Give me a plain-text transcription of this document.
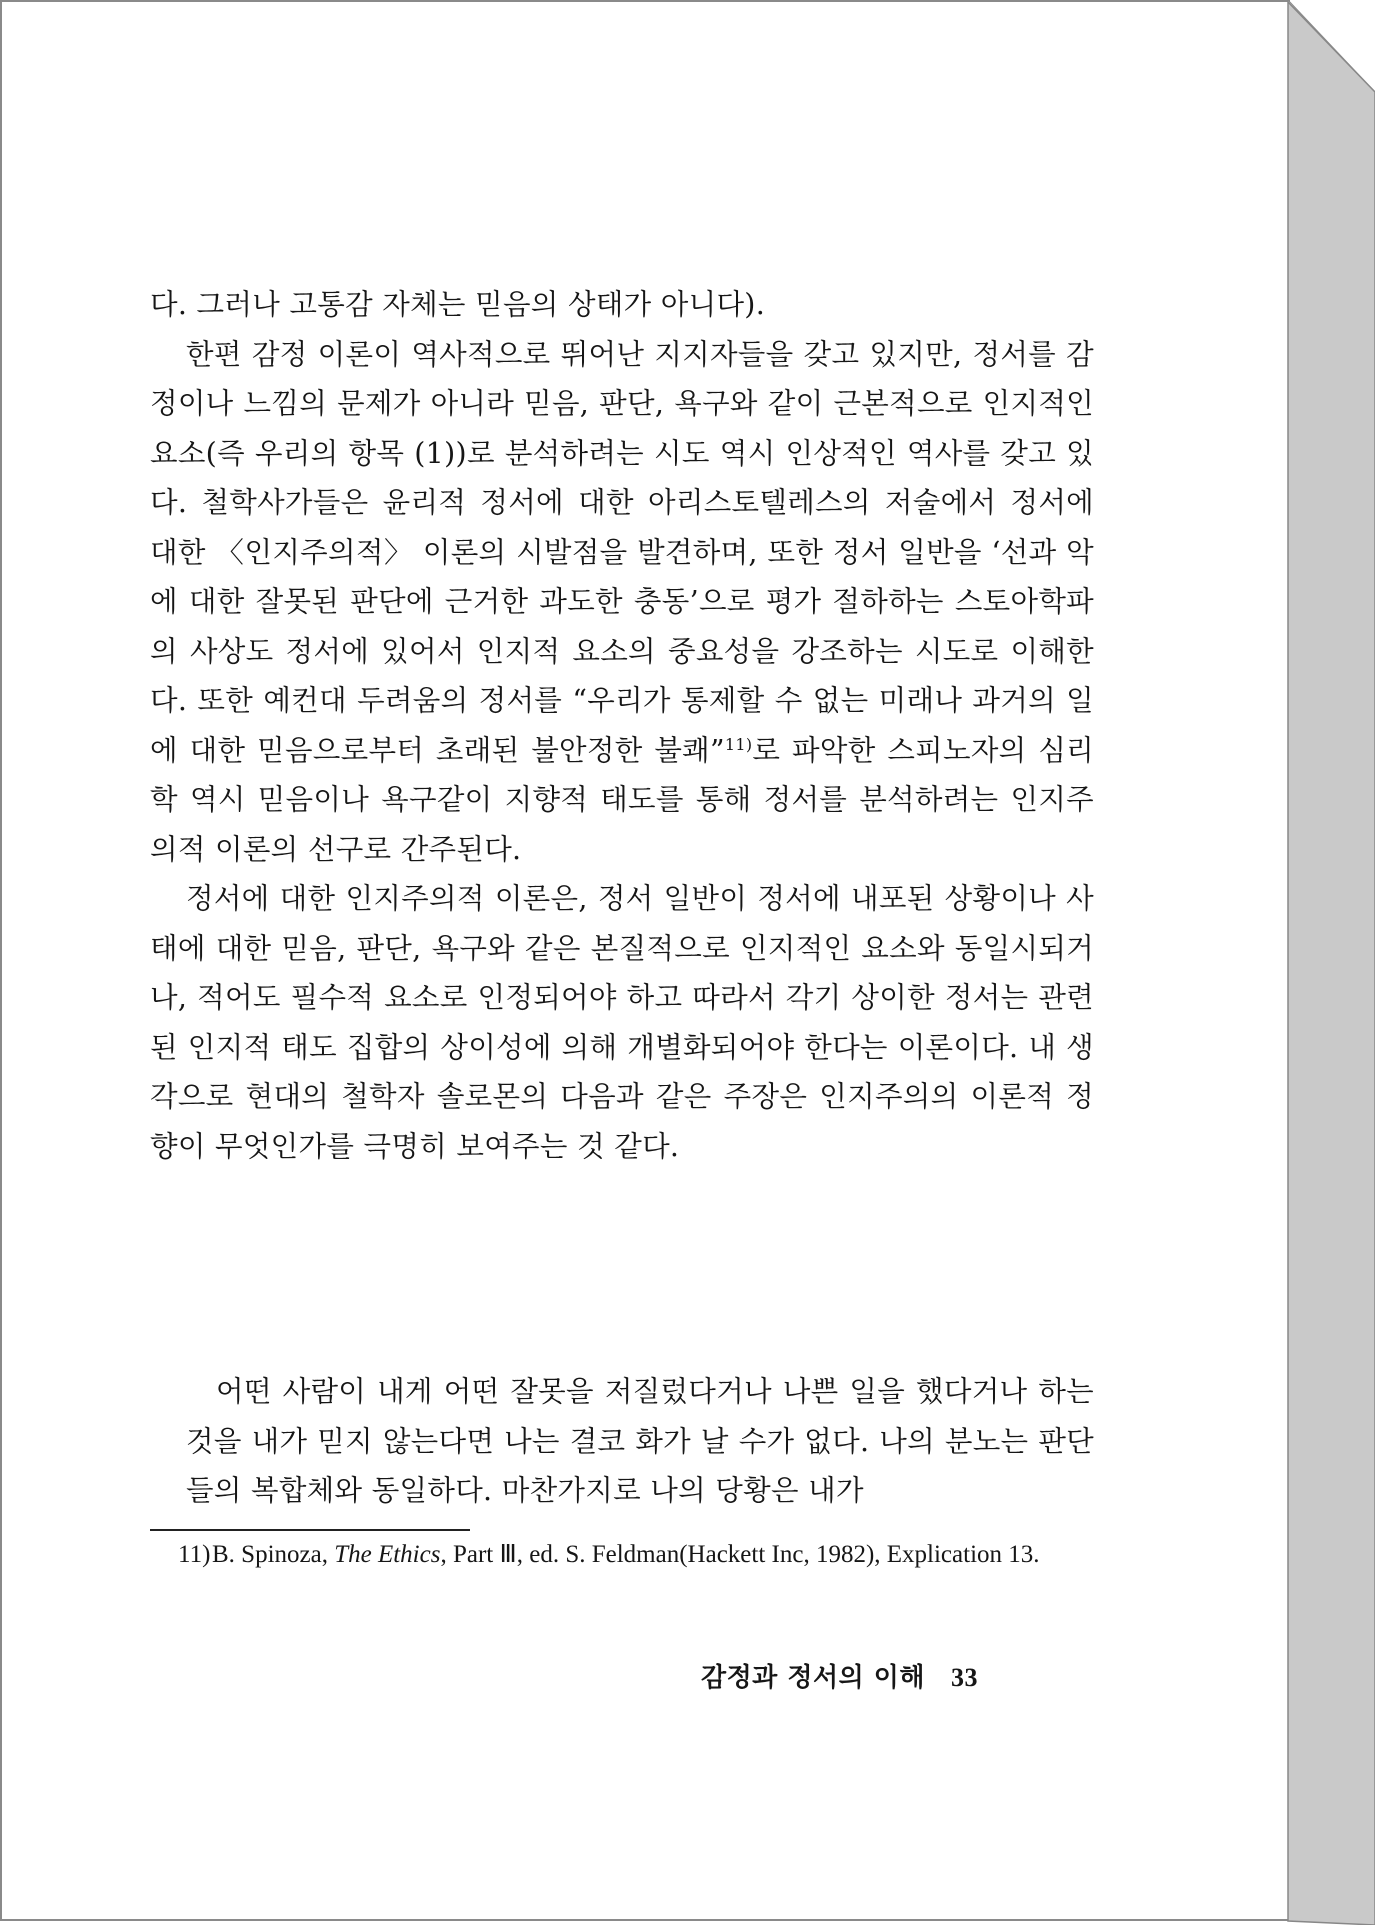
다. 그러나 고통감 자체는 믿음의 상태가 아니다).

한편 감정 이론이 역사적으로 뛰어난 지지자들을 갖고 있지만, 정서를 감정이나 느낌의 문제가 아니라 믿음, 판단, 욕구와 같이 근본적으로 인지적인 요소(즉 우리의 항목 (1))로 분석하려는 시도 역시 인상적인 역사를 갖고 있다. 철학사가들은 윤리적 정서에 대한 아리스토텔레스의 저술에서 정서에 대한 〈인지주의적〉 이론의 시발점을 발견하며, 또한 정서 일반을 ‘선과 악에 대한 잘못된 판단에 근거한 과도한 충동’으로 평가 절하하는 스토아학파의 사상도 정서에 있어서 인지적 요소의 중요성을 강조하는 시도로 이해한다. 또한 예컨대 두려움의 정서를 “우리가 통제할 수 없는 미래나 과거의 일에 대한 믿음으로부터 초래된 불안정한 불쾌”$^{11)}$로 파악한 스피노자의 심리학 역시 믿음이나 욕구같이 지향적 태도를 통해 정서를 분석하려는 인지주의적 이론의 선구로 간주된다.

정서에 대한 인지주의적 이론은, 정서 일반이 정서에 내포된 상황이나 사태에 대한 믿음, 판단, 욕구와 같은 본질적으로 인지적인 요소와 동일시되거나, 적어도 필수적 요소로 인정되어야 하고 따라서 각기 상이한 정서는 관련된 인지적 태도 집합의 상이성에 의해 개별화되어야 한다는 이론이다. 내 생각으로 현대의 철학자 솔로몬의 다음과 같은 주장은 인지주의의 이론적 정향이 무엇인가를 극명히 보여주는 것 같다.

어떤 사람이 내게 어떤 잘못을 저질렀다거나 나쁜 일을 했다거나 하는 것을 내가 믿지 않는다면 나는 결코 화가 날 수가 없다. 나의 분노는 판단들의 복합체와 동일하다. 마찬가지로 나의 당황은 내가

11) B. Spinoza, The Ethics, Part Ⅲ, ed. S. Feldman(Hackett Inc, 1982), Explication 13.

감정과 정서의 이해 33
